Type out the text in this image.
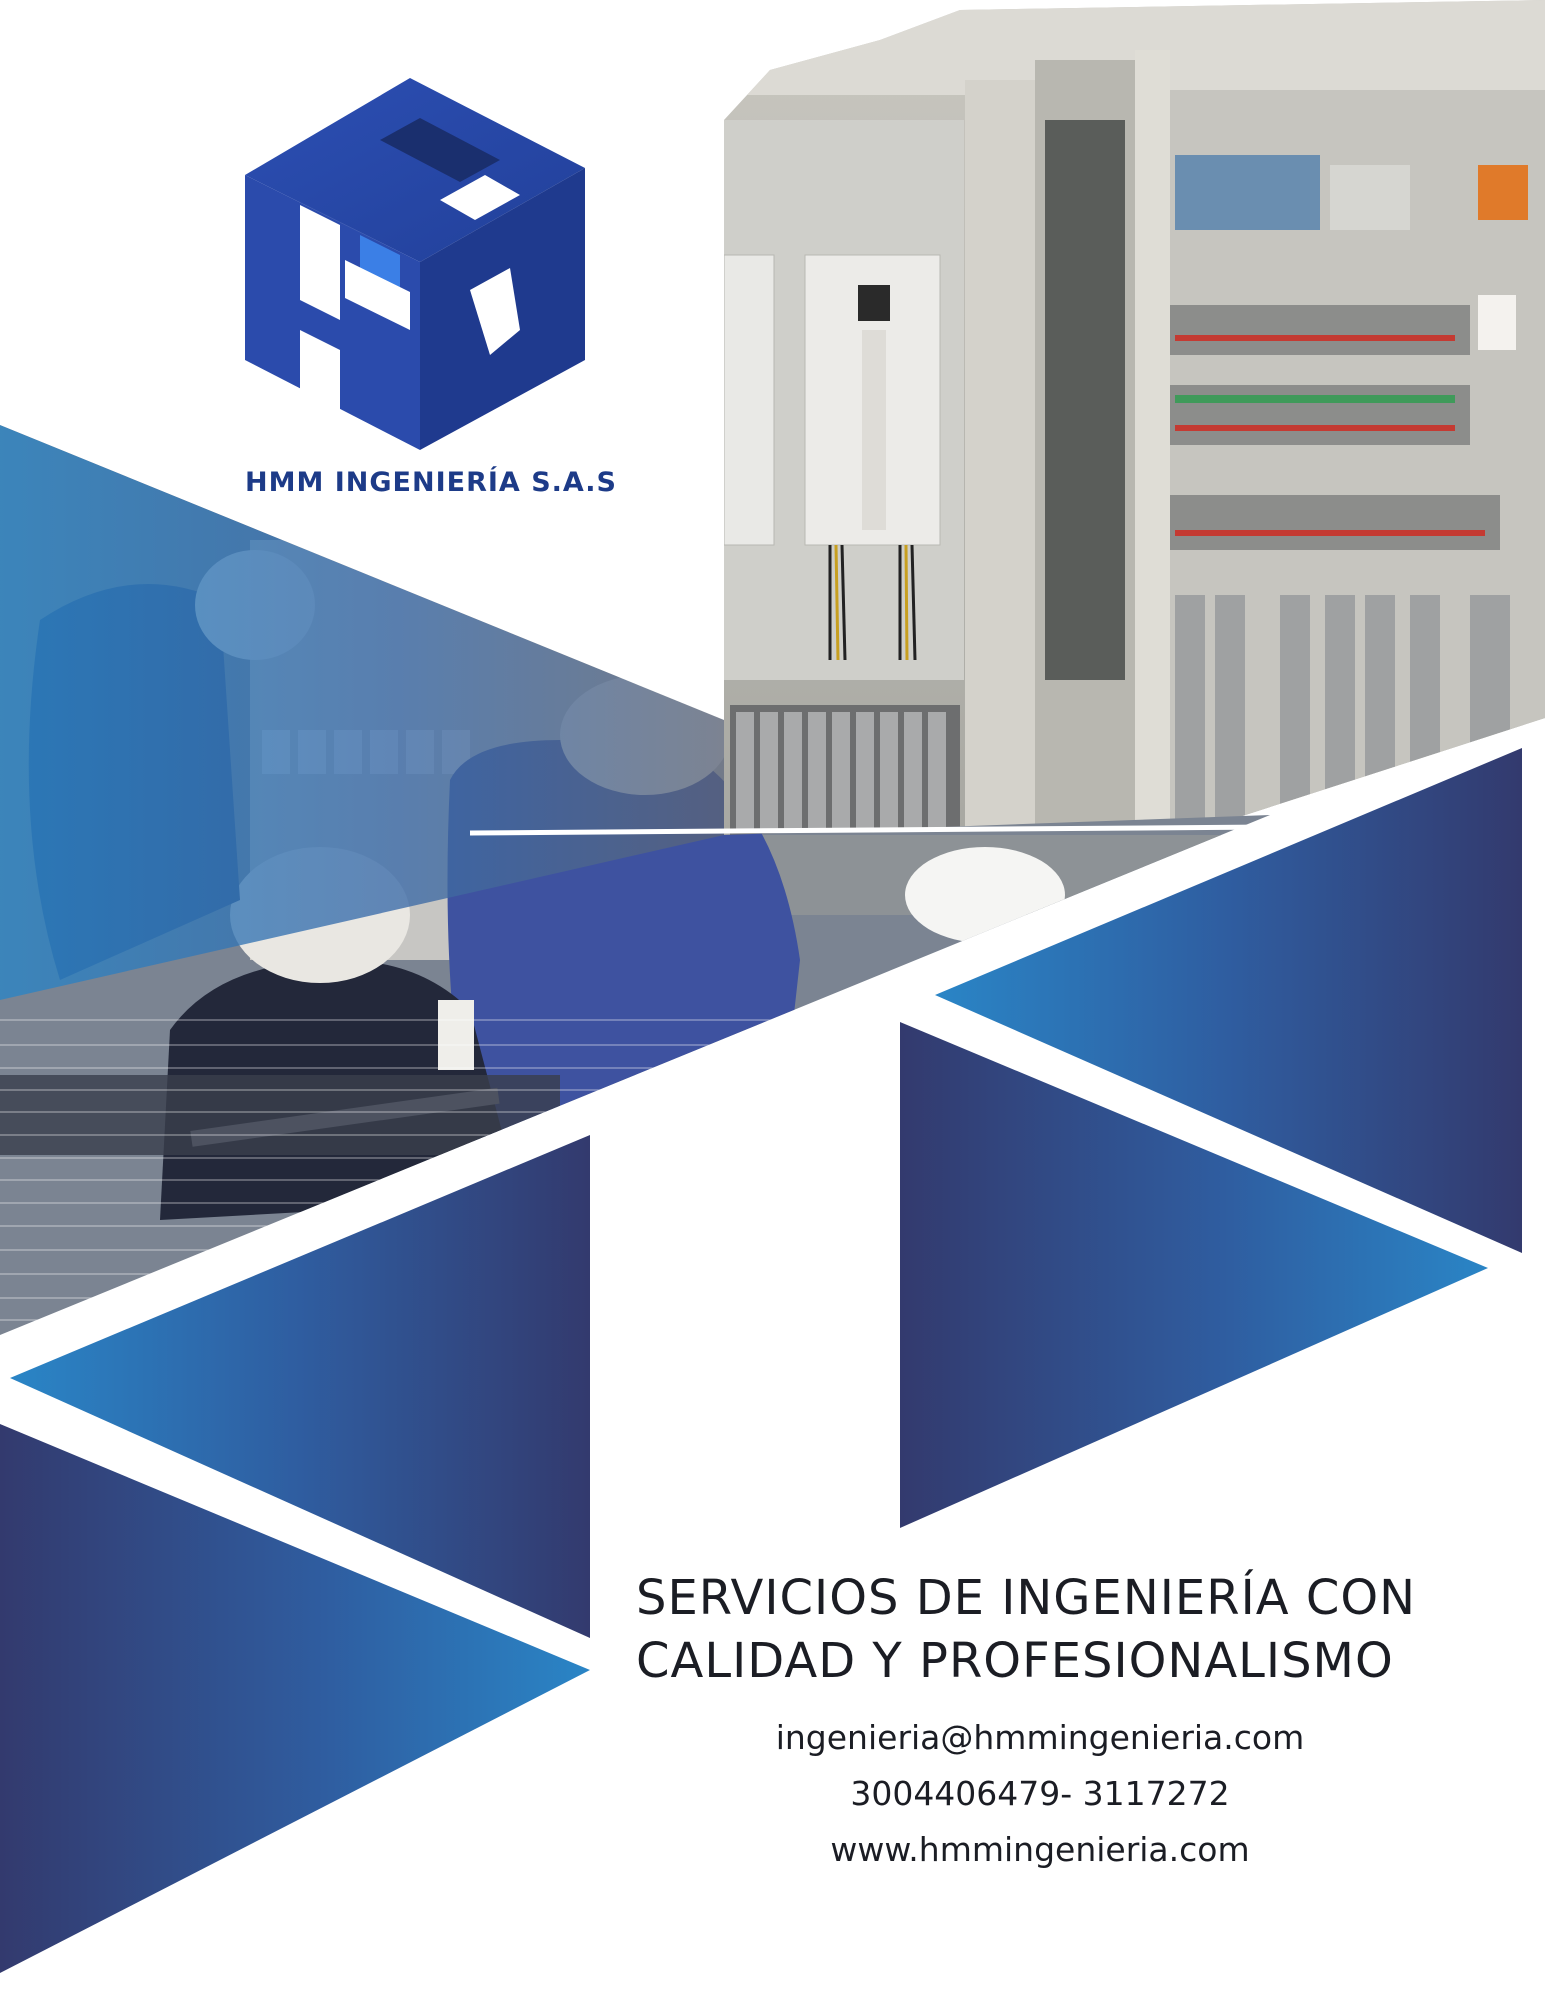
HMM INGENIERÍA S.A.S
SERVICIOS DE INGENIERÍA CON
CALIDAD Y PROFESIONALISMO
ingenieria@hmmingenieria.com
3004406479- 3117272
www.hmmingenieria.com
